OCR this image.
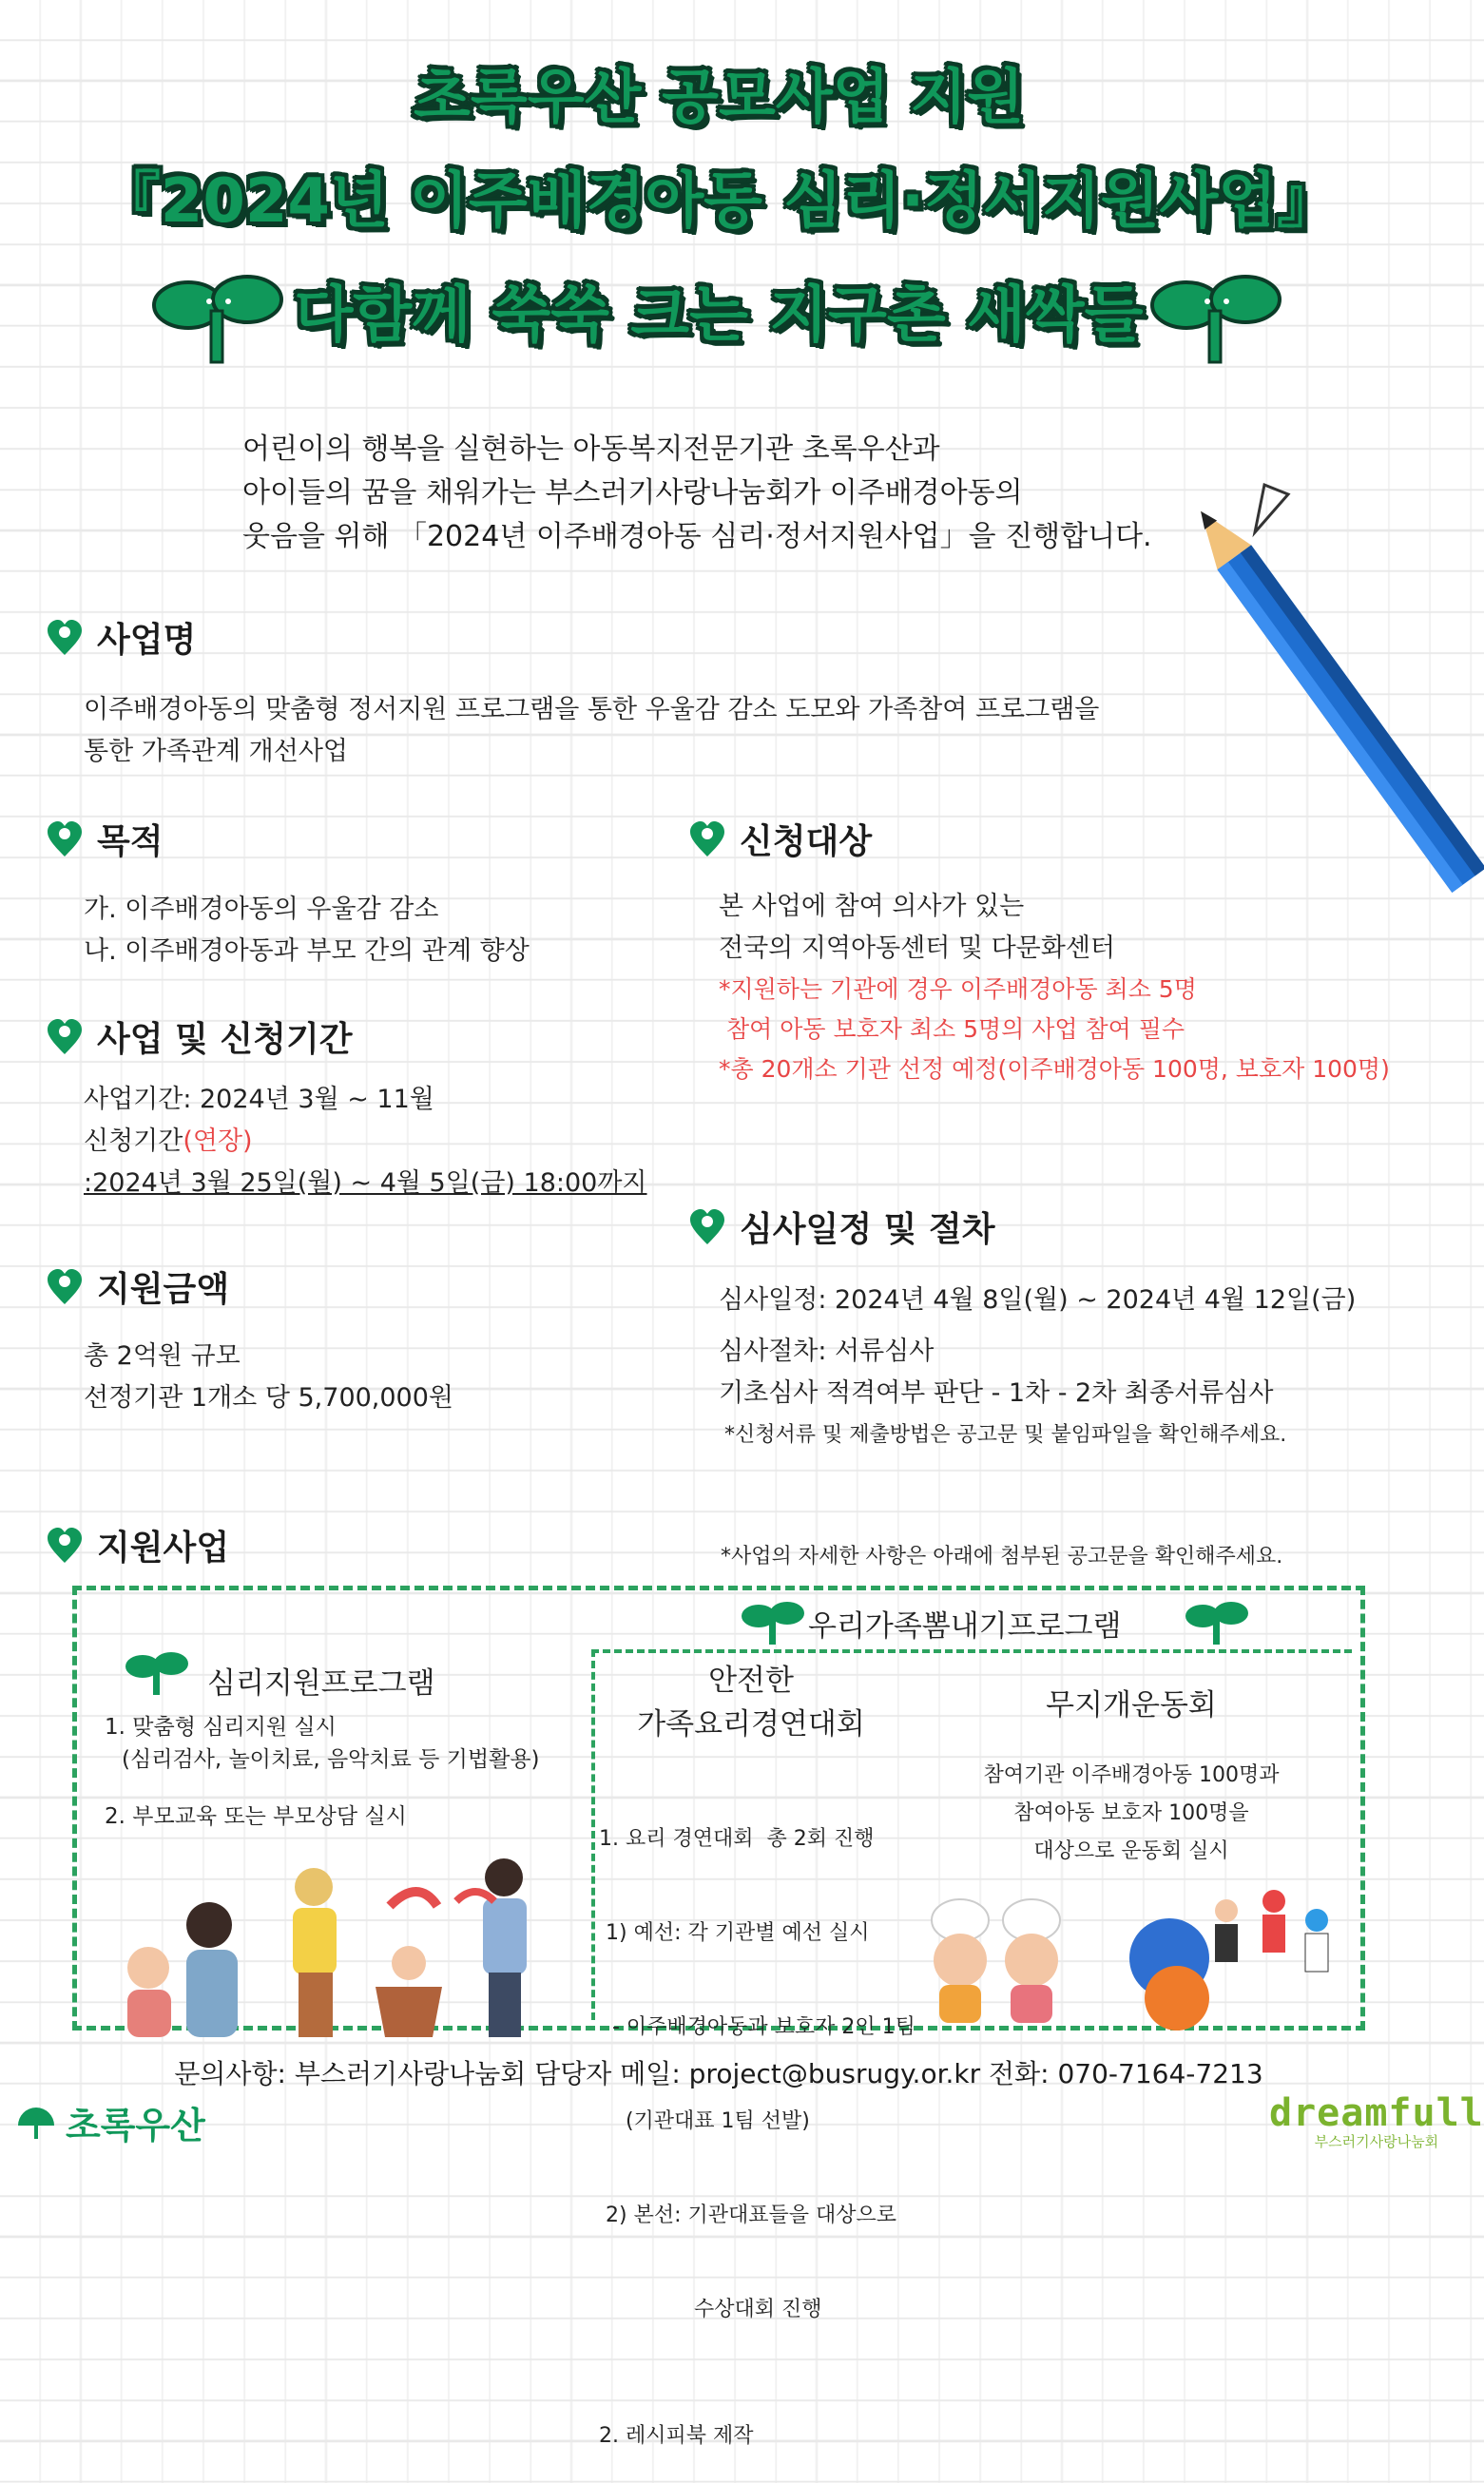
초록우산 공모사업 지원
『2024년 이주배경아동 심리·정서지원사업』
다함께 쑥쑥 크는 지구촌 새싹들
어린이의 행복을 실현하는 아동복지전문기관 초록우산과
아이들의 꿈을 채워가는 부스러기사랑나눔회가 이주배경아동의
웃음을 위해 「2024년 이주배경아동 심리·정서지원사업」을 진행합니다.
사업명
이주배경아동의 맞춤형 정서지원 프로그램을 통한 우울감 감소 도모와 가족참여 프로그램을
통한 가족관계 개선사업
목적
가. 이주배경아동의 우울감 감소
나. 이주배경아동과 부모 간의 관계 향상
신청대상
본 사업에 참여 의사가 있는
전국의 지역아동센터 및 다문화센터
*지원하는 기관에 경우 이주배경아동 최소 5명
참여 아동 보호자 최소 5명의 사업 참여 필수
*총 20개소 기관 선정 예정(이주배경아동 100명, 보호자 100명)
사업 및 신청기간
사업기간: 2024년 3월 ~ 11월
신청기간(연장)
:2024년 3월 25일(월) ~ 4월 5일(금) 18:00까지
심사일정 및 절차
심사일정: 2024년 4월 8일(월) ~ 2024년 4월 12일(금)
심사절차: 서류심사
기초심사 적격여부 판단 - 1차 - 2차 최종서류심사
*신청서류 및 제출방법은 공고문 및 붙임파일을 확인해주세요.
지원금액
총 2억원 규모
선정기관 1개소 당 5,700,000원
지원사업	*사업의 자세한 사항은 아래에 첨부된 공고문을 확인해주세요.
우리가족뽐내기프로그램
심리지원프로그램
1. 맞춤형 심리지원 실시
(심리검사, 놀이치료, 음악치료 등 기법활용)
2. 부모교육 또는 부모상담 실시
안전한
가족요리경연대회

1. 요리 경연대회  총 2회 진행

1) 예선: 각 기관별 예선 실시

- 이주배경아동과 보호자 2인 1팀

(기관대표 1팀 선발)

2) 본선: 기관대표들을 대상으로

수상대회 진행

2. 레시피북 제작

무지개운동회
참여기관 이주배경아동 100명과
참여아동 보호자 100명을
대상으로 운동회 실시
문의사항: 부스러기사랑나눔회 담당자 메일: project@busrugy.or.kr 전화: 070-7164-7213
초록우산	dreamfull
부스러기사랑나눔회
